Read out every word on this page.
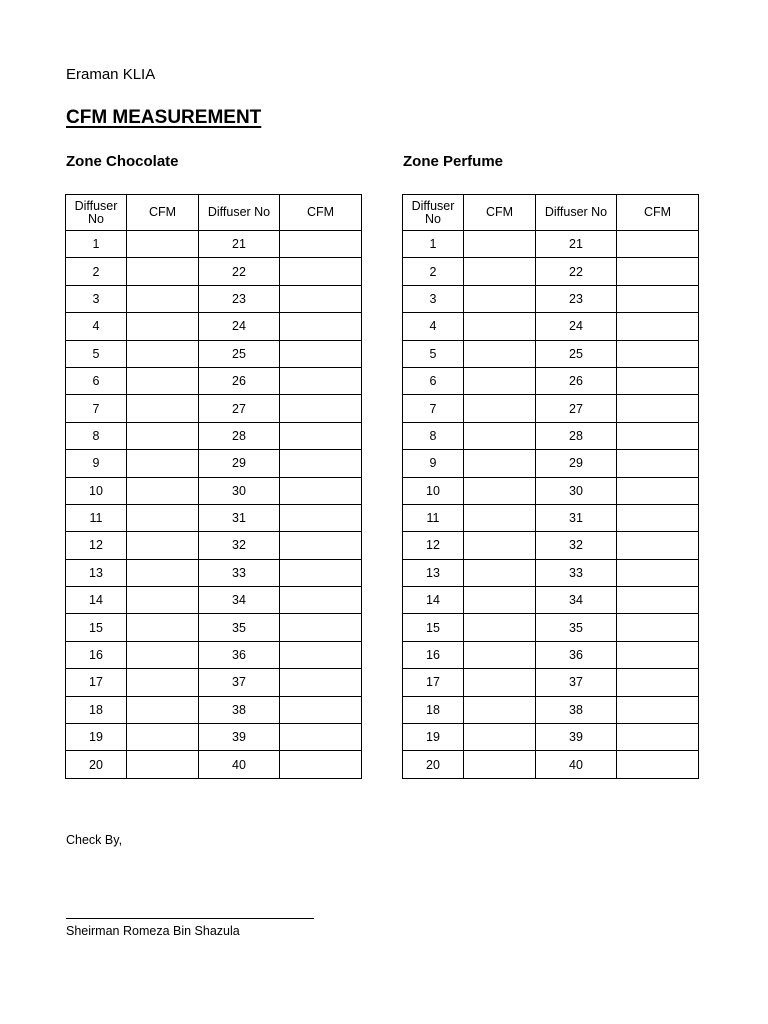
Eraman KLIA
CFM MEASUREMENT
Zone Chocolate	Zone Perfume
Diffuser No	CFM	Diffuser No	CFM
1		21	
2		22	
3		23	
4		24	
5		25	
6		26	
7		27	
8		28	
9		29	
10		30	
11		31	
12		32	
13		33	
14		34	
15		35	
16		36	
17		37	
18		38	
19		39	
20		40	
Diffuser No	CFM	Diffuser No	CFM
1		21	
2		22	
3		23	
4		24	
5		25	
6		26	
7		27	
8		28	
9		29	
10		30	
11		31	
12		32	
13		33	
14		34	
15		35	
16		36	
17		37	
18		38	
19		39	
20		40	
Check By,
Sheirman Romeza Bin Shazula
